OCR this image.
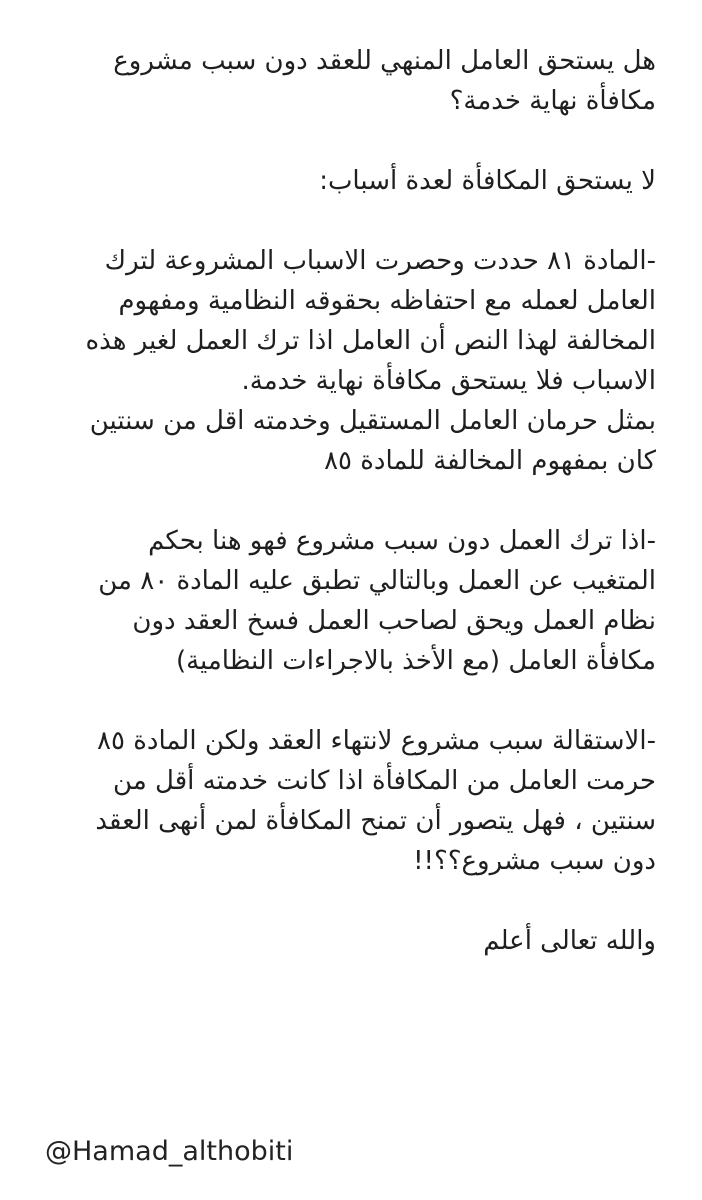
هل يستحق العامل المنهي للعقد دون سبب مشروع
مكافأة نهاية خدمة؟
لا يستحق المكافأة لعدة أسباب:
-المادة ٨١ حددت وحصرت الاسباب المشروعة لترك
العامل لعمله مع احتفاظه بحقوقه النظامية ومفهوم
المخالفة لهذا النص أن العامل اذا ترك العمل لغير هذه
الاسباب فلا يستحق مكافأة نهاية خدمة.
بمثل حرمان العامل المستقيل وخدمته اقل من سنتين
كان بمفهوم المخالفة للمادة ٨٥
-اذا ترك العمل دون سبب مشروع فهو هنا بحكم
المتغيب عن العمل وبالتالي تطبق عليه المادة ٨٠ من
نظام العمل ويحق لصاحب العمل فسخ العقد دون
مكافأة العامل (مع الأخذ بالاجراءات النظامية)
-الاستقالة سبب مشروع لانتهاء العقد ولكن المادة ٨٥
حرمت العامل من المكافأة اذا كانت خدمته أقل من
سنتين ، فهل يتصور أن تمنح المكافأة لمن أنهى العقد
دون سبب مشروع؟؟!!
والله تعالى أعلم
@Hamad_althobiti
